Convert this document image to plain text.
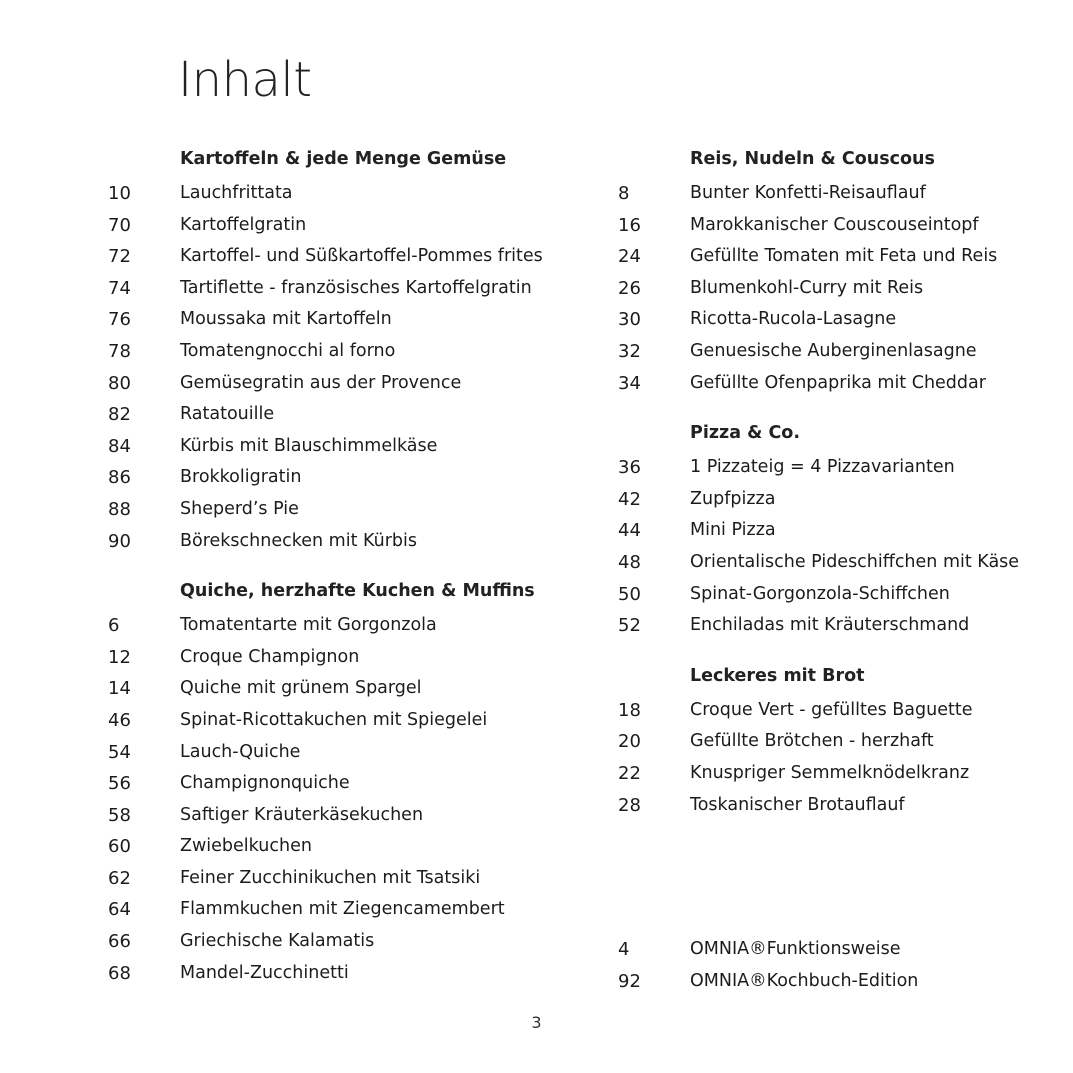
Inhalt
Kartoffeln & jede Menge Gemüse
10	Lauchfrittata
70	Kartoffelgratin
72	Kartoffel- und Süßkartoffel-Pommes frites
74	Tartiflette - französisches Kartoffelgratin
76	Moussaka mit Kartoffeln
78	Tomatengnocchi al forno
80	Gemüsegratin aus der Provence
82	Ratatouille
84	Kürbis mit Blauschimmelkäse
86	Brokkoligratin
88	Sheperd’s Pie
90	Börekschnecken mit Kürbis
Quiche, herzhafte Kuchen & Muffins
6	Tomatentarte mit Gorgonzola
12	Croque Champignon
14	Quiche mit grünem Spargel
46	Spinat-Ricottakuchen mit Spiegelei
54	Lauch-Quiche
56	Champignonquiche
58	Saftiger Kräuterkäsekuchen
60	Zwiebelkuchen
62	Feiner Zucchinikuchen mit Tsatsiki
64	Flammkuchen mit Ziegencamembert
66	Griechische Kalamatis
68	Mandel-Zucchinetti
Reis, Nudeln & Couscous
8	Bunter Konfetti-Reisauflauf
16	Marokkanischer Couscouseintopf
24	Gefüllte Tomaten mit Feta und Reis
26	Blumenkohl-Curry mit Reis
30	Ricotta-Rucola-Lasagne
32	Genuesische Auberginenlasagne
34	Gefüllte Ofenpaprika mit Cheddar
Pizza & Co.
36	1 Pizzateig = 4 Pizzavarianten
42	Zupfpizza
44	Mini Pizza
48	Orientalische Pideschiffchen mit Käse
50	Spinat-Gorgonzola-Schiffchen
52	Enchiladas mit Kräuterschmand
Leckeres mit Brot
18	Croque Vert - gefülltes Baguette
20	Gefüllte Brötchen - herzhaft
22	Knuspriger Semmelknödelkranz
28	Toskanischer Brotauflauf
4	OMNIA®Funktionsweise
92	OMNIA®Kochbuch-Edition
3
